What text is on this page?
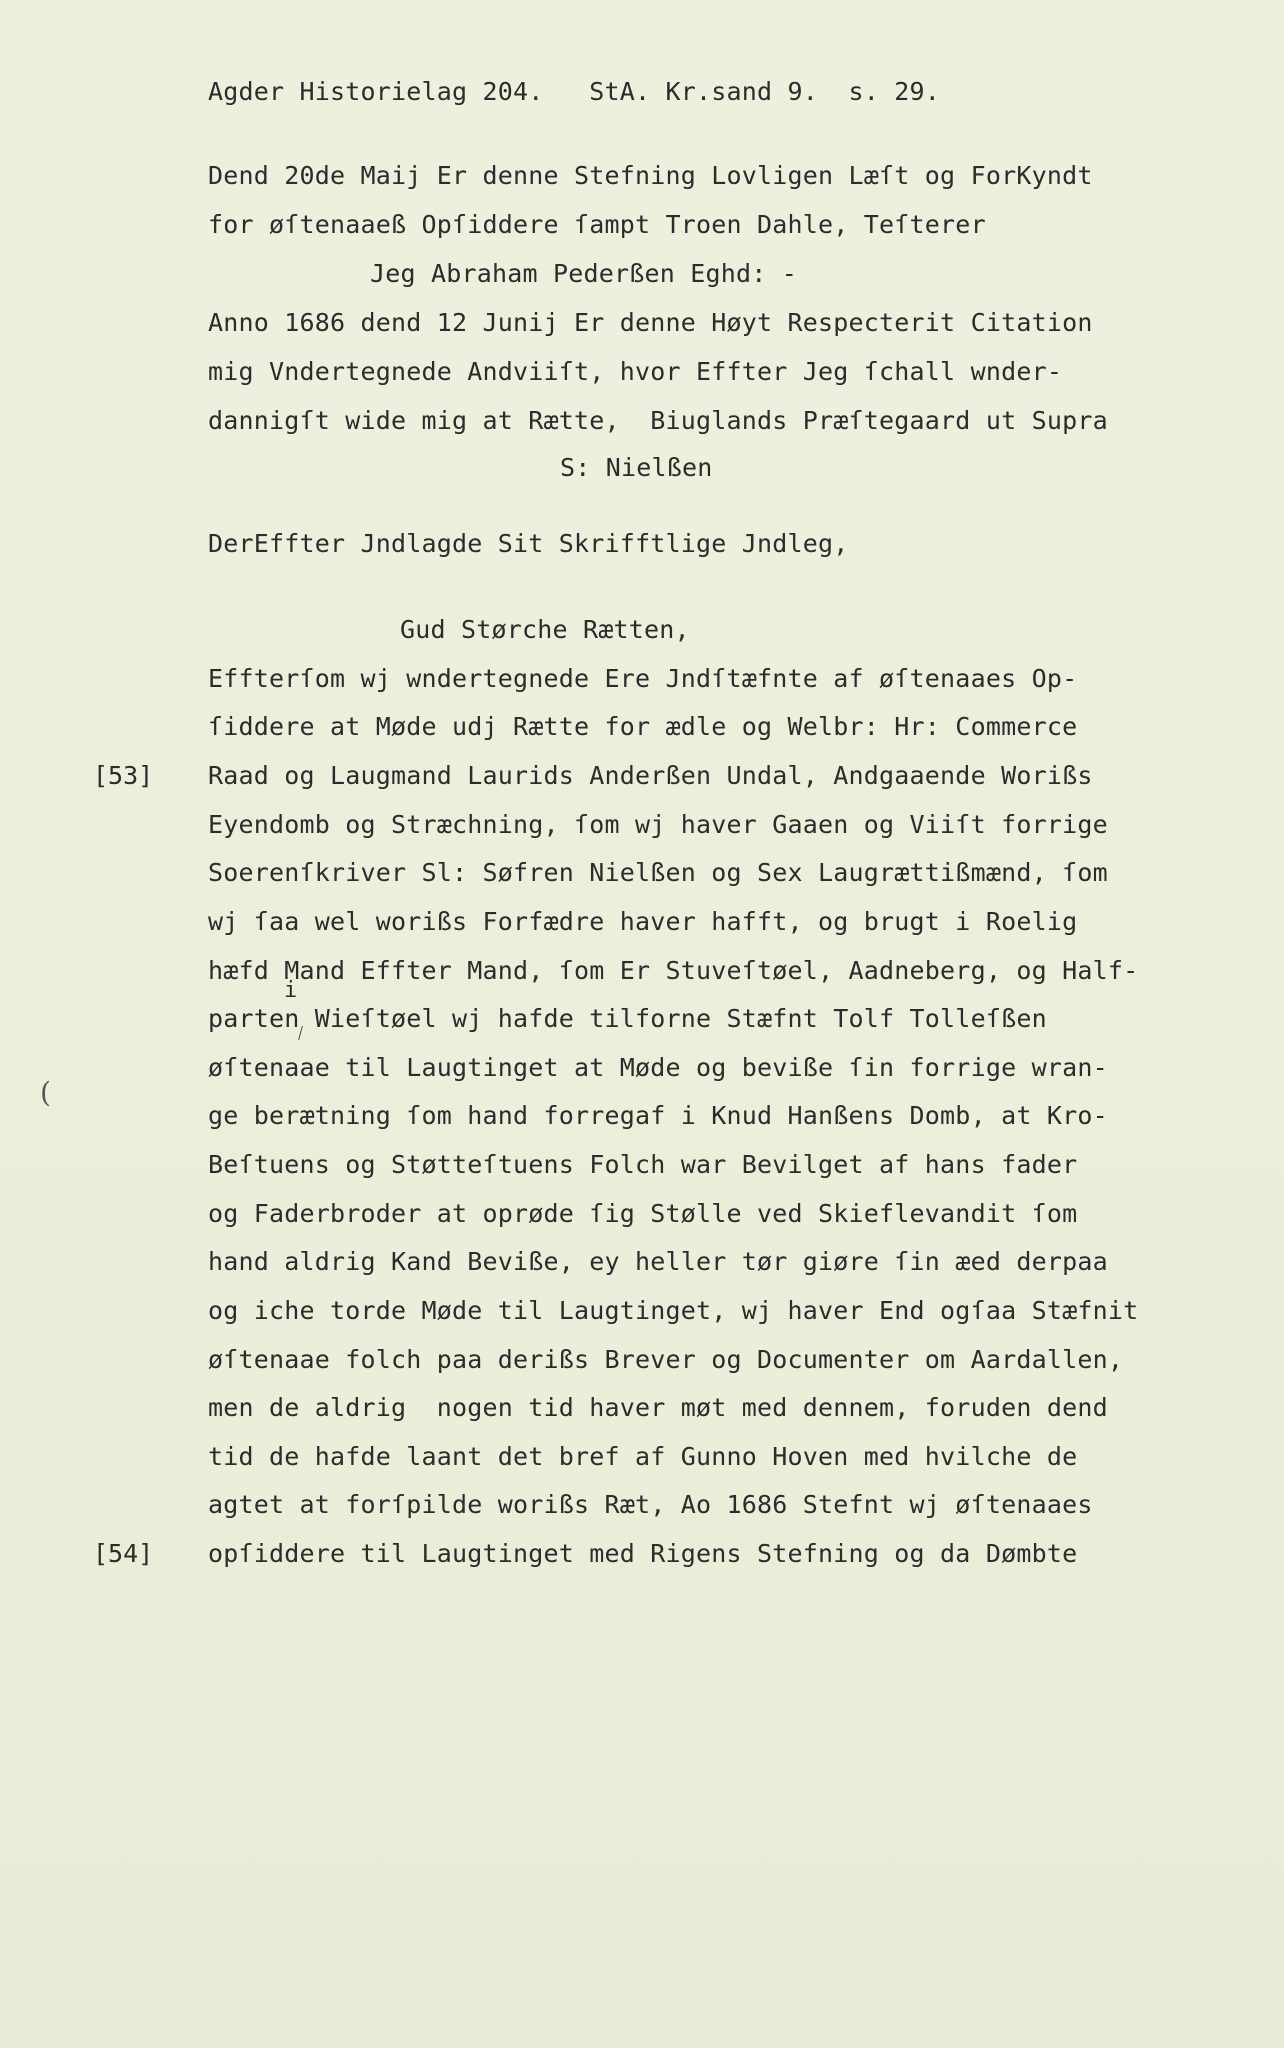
Agder Historielag 204.   StA. Kr.sand 9.  s. 29.
Dend 20de Maij Er denne Stefning Lovligen Læſt og ForKyndt
for øſtenaaeß Opſiddere ſampt Troen Dahle, Teſterer
Jeg Abraham Pederßen Eghd: -
Anno 1686 dend 12 Junij Er denne Høyt Respecterit Citation
mig Vndertegnede Andviiſt, hvor Effter Jeg ſchall wnder-
dannigſt wide mig at Rætte,  Biuglands Præſtegaard ut Supra
S: Nielßen
DerEffter Jndlagde Sit Skrifftlige Jndleg,
Gud Størche Rætten,
Effterſom wj wndertegnede Ere Jndſtæfnte af øſtenaaes Op-
ſiddere at Møde udj Rætte for ædle og Welbr: Hr: Commerce
[53] Raad og Laugmand Laurids Anderßen Undal, Andgaaende Worißs
Eyendomb og Stræchning, ſom wj haver Gaaen og Viiſt forrige
Soerenſkriver Sl: Søfren Nielßen og Sex Laugrættißmænd, ſom
wj ſaa wel worißs Forfædre haver hafft, og brugt i Roelig
hæfd Mand Effter Mand, ſom Er Stuveſtøel, Aadneberg, og Half-
i
parten Wieſtøel wj hafde tilforne Stæfnt Tolf Tolleſßen
(
øſtenaae til Laugtinget at Møde og beviße ſin forrige wran-
ge berætning ſom hand forregaf i Knud Hanßens Domb, at Kro-
Beſtuens og Støtteſtuens Folch war Bevilget af hans fader
og Faderbroder at oprøde ſig Stølle ved Skieflevandit ſom
hand aldrig Kand Beviße, ey heller tør giøre ſin æed derpaa
og iche torde Møde til Laugtinget, wj haver End ogſaa Stæfnit
øſtenaae folch paa derißs Brever og Documenter om Aardallen,
men de aldrig  nogen tid haver møt med dennem, foruden dend
tid de hafde laant det bref af Gunno Hoven med hvilche de
agtet at forſpilde worißs Ræt, Ao 1686 Stefnt wj øſtenaaes
[54] opſiddere til Laugtinget med Rigens Stefning og da Dømbte
